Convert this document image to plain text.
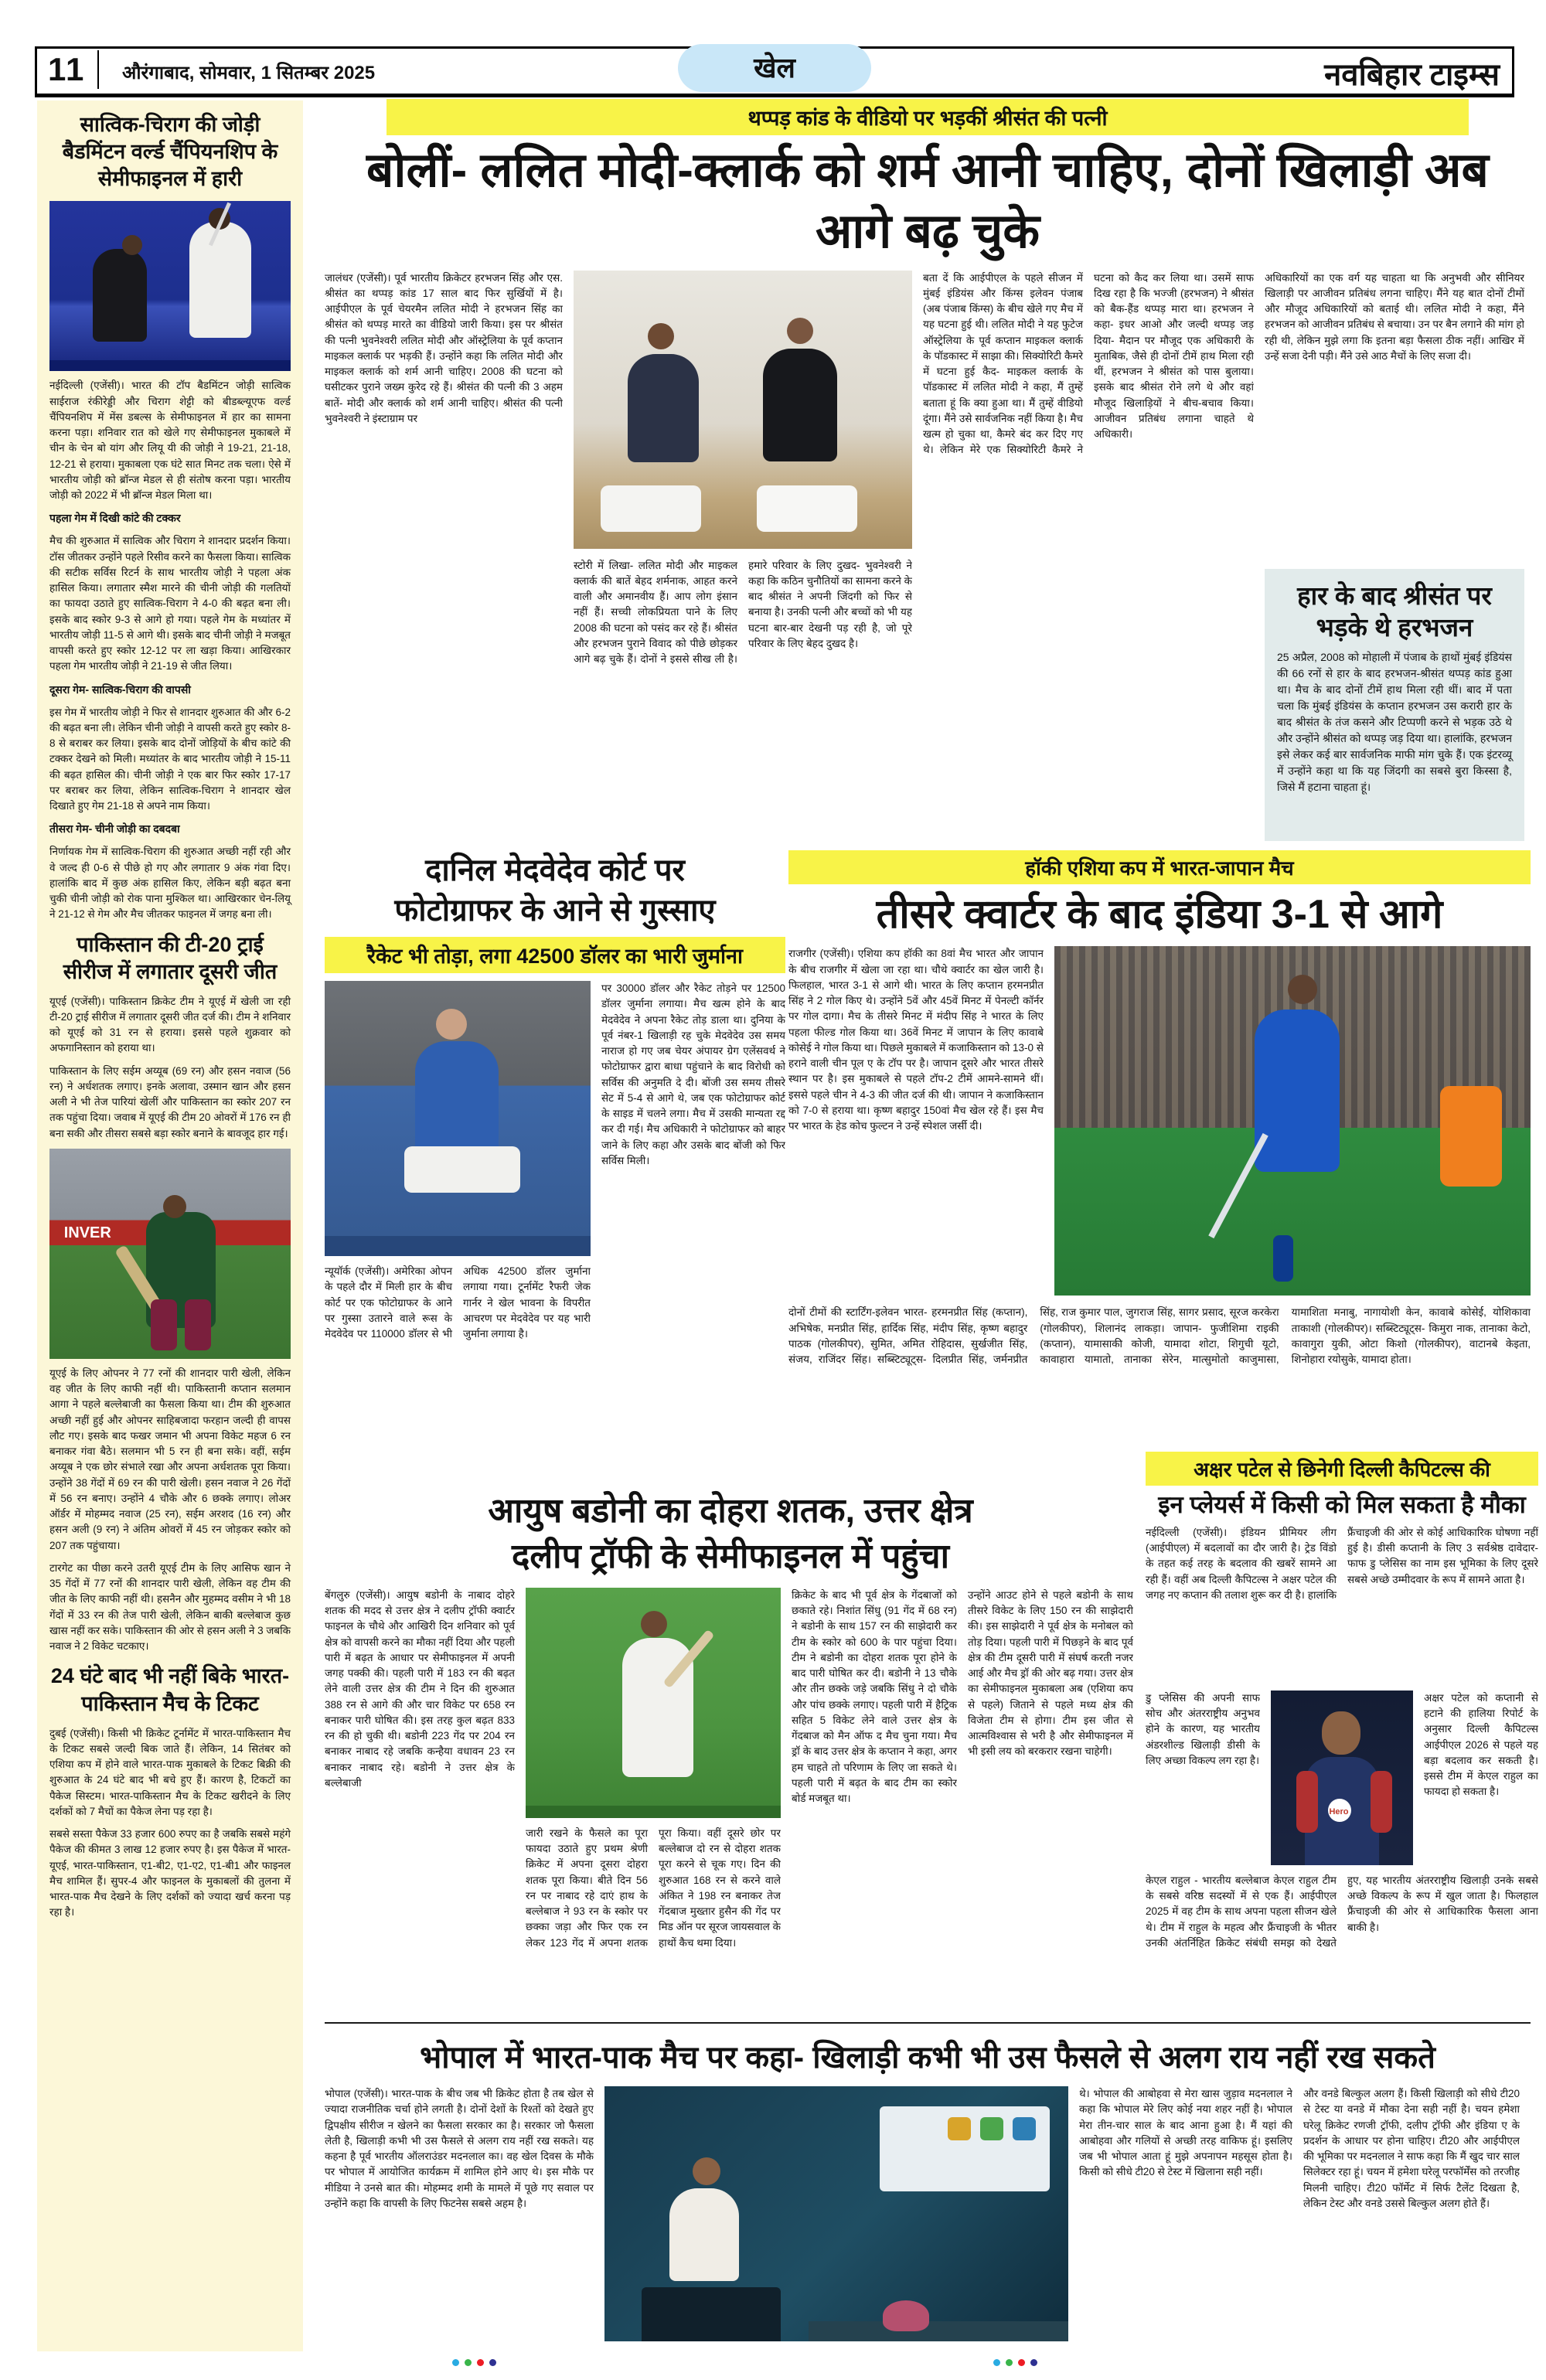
11	औरंगाबाद, सोमवार, 1 सितम्बर 2025	खेल	नवबिहार टाइम्स
सात्विक-चिराग की जोड़ी बैडमिंटन वर्ल्ड चैंपियनशिप के सेमीफाइनल में हारी
नईदिल्ली (एजेंसी)। भारत की टॉप बैडमिंटन जोड़ी सात्विक साईराज रंकीरेड्डी और चिराग शेट्टी को बीडब्ल्यूएफ वर्ल्ड चैंपियनशिप में मेंस डबल्स के सेमीफाइनल में हार का सामना करना पड़ा। शनिवार रात को खेले गए सेमीफाइनल मुकाबले में चीन के चेन बो यांग और लियू यी की जोड़ी ने 19-21, 21-18, 12-21 से हराया। मुकाबला एक घंटे सात मिनट तक चला। ऐसे में भारतीय जोड़ी को ब्रॉन्ज मेडल से ही संतोष करना पड़ा। भारतीय जोड़ी को 2022 में भी ब्रॉन्ज मेडल मिला था।
पहला गेम में दिखी कांटे की टक्कर
मैच की शुरुआत में सात्विक और चिराग ने शानदार प्रदर्शन किया। टॉस जीतकर उन्होंने पहले रिसीव करने का फैसला किया। सात्विक की सटीक सर्विस रिटर्न के साथ भारतीय जोड़ी ने पहला अंक हासिल किया। लगातार स्मैश मारने की चीनी जोड़ी की गलतियों का फायदा उठाते हुए सात्विक-चिराग ने 4-0 की बढ़त बना ली। इसके बाद स्कोर 9-3 से आगे हो गया। पहले गेम के मध्यांतर में भारतीय जोड़ी 11-5 से आगे थी। इसके बाद चीनी जोड़ी ने मजबूत वापसी करते हुए स्कोर 12-12 पर ला खड़ा किया। आखिरकार पहला गेम भारतीय जोड़ी ने 21-19 से जीत लिया।
दूसरा गेम- सात्विक-चिराग की वापसी
इस गेम में भारतीय जोड़ी ने फिर से शानदार शुरुआत की और 6-2 की बढ़त बना ली। लेकिन चीनी जोड़ी ने वापसी करते हुए स्कोर 8-8 से बराबर कर लिया। इसके बाद दोनों जोड़ियों के बीच कांटे की टक्कर देखने को मिली। मध्यांतर के बाद भारतीय जोड़ी ने 15-11 की बढ़त हासिल की। चीनी जोड़ी ने एक बार फिर स्कोर 17-17 पर बराबर कर लिया, लेकिन सात्विक-चिराग ने शानदार खेल दिखाते हुए गेम 21-18 से अपने नाम किया।
तीसरा गेम- चीनी जोड़ी का दबदबा
निर्णायक गेम में सात्विक-चिराग की शुरुआत अच्छी नहीं रही और वे जल्द ही 0-6 से पीछे हो गए और लगातार 9 अंक गंवा दिए। हालांकि बाद में कुछ अंक हासिल किए, लेकिन बड़ी बढ़त बना चुकी चीनी जोड़ी को रोक पाना मुश्किल था। आखिरकार चेन-लियू ने 21-12 से गेम और मैच जीतकर फाइनल में जगह बना ली।
पाकिस्तान की टी-20 ट्राई सीरीज में लगातार दूसरी जीत
यूएई (एजेंसी)। पाकिस्तान क्रिकेट टीम ने यूएई में खेली जा रही टी-20 ट्राई सीरीज में लगातार दूसरी जीत दर्ज की। टीम ने शनिवार को यूएई को 31 रन से हराया। इससे पहले शुक्रवार को अफगानिस्तान को हराया था।
पाकिस्तान के लिए सईम अय्यूब (69 रन) और हसन नवाज (56 रन) ने अर्धशतक लगाए। इनके अलावा, उस्मान खान और हसन अली ने भी तेज पारियां खेलीं और पाकिस्तान का स्कोर 207 रन तक पहुंचा दिया। जवाब में यूएई की टीम 20 ओवरों में 176 रन ही बना सकी और तीसरा सबसे बड़ा स्कोर बनाने के बावजूद हार गई।
INVER
यूएई के लिए ओपनर ने 77 रनों की शानदार पारी खेली, लेकिन वह जीत के लिए काफी नहीं थी। पाकिस्तानी कप्तान सलमान आगा ने पहले बल्लेबाजी का फैसला किया था। टीम की शुरुआत अच्छी नहीं हुई और ओपनर साहिबजादा फरहान जल्दी ही वापस लौट गए। इसके बाद फखर जमान भी अपना विकेट महज 6 रन बनाकर गंवा बैठे। सलमान भी 5 रन ही बना सके। वहीं, सईम अय्यूब ने एक छोर संभाले रखा और अपना अर्धशतक पूरा किया। उन्होंने 38 गेंदों में 69 रन की पारी खेली। हसन नवाज ने 26 गेंदों में 56 रन बनाए। उन्होंने 4 चौके और 6 छक्के लगाए। लोअर ऑर्डर में मोहम्मद नवाज (25 रन), सईम अरशद (16 रन) और हसन अली (9 रन) ने अंतिम ओवरों में 45 रन जोड़कर स्कोर को 207 तक पहुंचाया।
टारगेट का पीछा करने उतरी यूएई टीम के लिए आसिफ खान ने 35 गेंदों में 77 रनों की शानदार पारी खेली, लेकिन वह टीम की जीत के लिए काफी नहीं थी। हसनैन और मुहम्मद वसीम ने भी 18 गेंदों में 33 रन की तेज पारी खेली, लेकिन बाकी बल्लेबाज कुछ खास नहीं कर सके। पाकिस्तान की ओर से हसन अली ने 3 जबकि नवाज ने 2 विकेट चटकाए।
24 घंटे बाद भी नहीं बिके भारत-पाकिस्तान मैच के टिकट
दुबई (एजेंसी)। किसी भी क्रिकेट टूर्नामेंट में भारत-पाकिस्तान मैच के टिकट सबसे जल्दी बिक जाते हैं। लेकिन, 14 सितंबर को एशिया कप में होने वाले भारत-पाक मुकाबले के टिकट बिक्री की शुरुआत के 24 घंटे बाद भी बचे हुए हैं। कारण है, टिकटों का पैकेज सिस्टम। भारत-पाकिस्तान मैच के टिकट खरीदने के लिए दर्शकों को 7 मैचों का पैकेज लेना पड़ रहा है।
सबसे सस्ता पैकेज 33 हजार 600 रुपए का है जबकि सबसे महंगे पैकेज की कीमत 3 लाख 12 हजार रुपए है। इस पैकेज में भारत-यूएई, भारत-पाकिस्तान, ए1-बी2, ए1-ए2, ए1-बी1 और फाइनल मैच शामिल हैं। सुपर-4 और फाइनल के मुकाबलों की तुलना में भारत-पाक मैच देखने के लिए दर्शकों को ज्यादा खर्च करना पड़ रहा है।
थप्पड़ कांड के वीडियो पर भड़कीं श्रीसंत की पत्नी
बोलीं- ललित मोदी-क्लार्क को शर्म आनी चाहिए, दोनों खिलाड़ी अब आगे बढ़ चुके
जालंधर (एजेंसी)। पूर्व भारतीय क्रिकेटर हरभजन सिंह और एस. श्रीसंत का थप्पड़ कांड 17 साल बाद फिर सुर्खियों में है। आईपीएल के पूर्व चेयरमैन ललित मोदी ने हरभजन सिंह का श्रीसंत को थप्पड़ मारते का वीडियो जारी किया। इस पर श्रीसंत की पत्नी भुवनेश्वरी ललित मोदी और ऑस्ट्रेलिया के पूर्व कप्तान माइकल क्लार्क पर भड़की हैं। उन्होंने कहा कि ललित मोदी और माइकल क्लार्क को शर्म आनी चाहिए। 2008 की घटना को घसीटकर पुराने जख्म कुरेद रहे हैं। श्रीसंत की पत्नी की 3 अहम बातें- मोदी और क्लार्क को शर्म आनी चाहिए। श्रीसंत की पत्नी भुवनेश्वरी ने इंस्टाग्राम पर
स्टोरी में लिखा- ललित मोदी और माइकल क्लार्क की बातें बेहद शर्मनाक, आहत करने वाली और अमानवीय हैं। आप लोग इंसान नहीं हैं। सच्ची लोकप्रियता पाने के लिए 2008 की घटना को पसंद कर रहे हैं। श्रीसंत और हरभजन पुराने विवाद को पीछे छोड़कर आगे बढ़ चुके हैं। दोनों ने इससे सीख ली है। हमारे परिवार के लिए दुखद- भुवनेश्वरी ने कहा कि कठिन चुनौतियों का सामना करने के बाद श्रीसंत ने अपनी जिंदगी को फिर से बनाया है। उनकी पत्नी और बच्चों को भी यह घटना बार-बार देखनी पड़ रही है, जो पूरे परिवार के लिए बेहद दुखद है।
बता दें कि आईपीएल के पहले सीजन में मुंबई इंडियंस और किंग्स इलेवन पंजाब (अब पंजाब किंग्स) के बीच खेले गए मैच में यह घटना हुई थी। ललित मोदी ने यह फुटेज ऑस्ट्रेलिया के पूर्व कप्तान माइकल क्लार्क के पॉडकास्ट में साझा की। सिक्योरिटी कैमरे में घटना हुई कैद- माइकल क्लार्क के पॉडकास्ट में ललित मोदी ने कहा, मैं तुम्हें बताता हूं कि क्या हुआ था। मैं तुम्हें वीडियो दूंगा। मैंने उसे सार्वजनिक नहीं किया है। मैच खत्म हो चुका था, कैमरे बंद कर दिए गए थे। लेकिन मेरे एक सिक्योरिटी कैमरे ने घटना को कैद कर लिया था। उसमें साफ दिख रहा है कि भज्जी (हरभजन) ने श्रीसंत को बैक-हैंड थप्पड़ मारा था। हरभजन ने कहा- इधर आओ और जल्दी थप्पड़ जड़ दिया- मैदान पर मौजूद एक अधिकारी के मुताबिक, जैसे ही दोनों टीमें हाथ मिला रही थीं, हरभजन ने श्रीसंत को पास बुलाया। इसके बाद श्रीसंत रोने लगे थे और वहां मौजूद खिलाड़ियों ने बीच-बचाव किया। आजीवन प्रतिबंध लगाना चाहते थे अधिकारी।
अधिकारियों का एक वर्ग यह चाहता था कि अनुभवी और सीनियर खिलाड़ी पर आजीवन प्रतिबंध लगना चाहिए। मैंने यह बात दोनों टीमों और मौजूद अधिकारियों को बताई थी। ललित मोदी ने कहा, मैंने हरभजन को आजीवन प्रतिबंध से बचाया। उन पर बैन लगाने की मांग हो रही थी, लेकिन मुझे लगा कि इतना बड़ा फैसला ठीक नहीं। आखिर में उन्हें सजा देनी पड़ी। मैंने उसे आठ मैचों के लिए सजा दी।
हार के बाद श्रीसंत पर भड़के थे हरभजन
25 अप्रैल, 2008 को मोहाली में पंजाब के हाथों मुंबई इंडियंस की 66 रनों से हार के बाद हरभजन-श्रीसंत थप्पड़ कांड हुआ था। मैच के बाद दोनों टीमें हाथ मिला रही थीं। बाद में पता चला कि मुंबई इंडियंस के कप्तान हरभजन उस करारी हार के बाद श्रीसंत के तंज कसने और टिप्पणी करने से भड़क उठे थे और उन्होंने श्रीसंत को थप्पड़ जड़ दिया था। हालांकि, हरभजन इसे लेकर कई बार सार्वजनिक माफी मांग चुके हैं। एक इंटरव्यू में उन्होंने कहा था कि यह जिंदगी का सबसे बुरा किस्सा है, जिसे मैं हटाना चाहता हूं।
दानिल मेदवेदेव कोर्ट पर
फोटोग्राफर के आने से गुस्साए
रैकेट भी तोड़ा, लगा 42500 डॉलर का भारी जुर्माना
न्यूयॉर्क (एजेंसी)। अमेरिका ओपन के पहले दौर में मिली हार के बीच कोर्ट पर एक फोटोग्राफर के आने पर गुस्सा उतारने वाले रूस के मेदवेदेव पर 110000 डॉलर से भी अधिक 42500 डॉलर जुर्माना लगाया गया। टूर्नामेंट रैफरी जेक गार्नर ने खेल भावना के विपरीत आचरण पर मेदवेदेव पर यह भारी जुर्माना लगाया है।
पर 30000 डॉलर और रैकेट तोड़ने पर 12500 डॉलर जुर्माना लगाया। मैच खत्म होने के बाद मेदवेदेव ने अपना रैकेट तोड़ डाला था। दुनिया के पूर्व नंबर-1 खिलाड़ी रह चुके मेदवेदेव उस समय नाराज हो गए जब चेयर अंपायर ग्रेग एलेंसवर्थ ने फोटोग्राफर द्वारा बाधा पहुंचाने के बाद विरोधी को सर्विस की अनुमति दे दी। बोंजी उस समय तीसरे सेट में 5-4 से आगे थे, जब एक फोटोग्राफर कोर्ट के साइड में चलने लगा। मैच में उसकी मान्यता रद्द कर दी गई। मैच अधिकारी ने फोटोग्राफर को बाहर जाने के लिए कहा और उसके बाद बोंजी को फिर सर्विस मिली।
हॉकी एशिया कप में भारत-जापान मैच
तीसरे क्वार्टर के बाद इंडिया 3-1 से आगे
राजगीर (एजेंसी)। एशिया कप हॉकी का 8वां मैच भारत और जापान के बीच राजगीर में खेला जा रहा था। चौथे क्वार्टर का खेल जारी है। फिलहाल, भारत 3-1 से आगे थी। भारत के लिए कप्तान हरमनप्रीत सिंह ने 2 गोल किए थे। उन्होंने 5वें और 45वें मिनट में पेनल्टी कॉर्नर पर गोल दागा। मैच के तीसरे मिनट में मंदीप सिंह ने भारत के लिए पहला फील्ड गोल किया था। 36वें मिनट में जापान के लिए कावाबे कोसेई ने गोल किया था। पिछले मुकाबले में कजाकिस्तान को 13-0 से हराने वाली चीन पूल ए के टॉप पर है। जापान दूसरे और भारत तीसरे स्थान पर है। इस मुकाबले से पहले टॉप-2 टीमें आमने-सामने थीं। इससे पहले चीन ने 4-3 की जीत दर्ज की थी। जापान ने कजाकिस्तान को 7-0 से हराया था। कृष्ण बहादुर 150वां मैच खेल रहे हैं। इस मैच पर भारत के हेड कोच फुल्टन ने उन्हें स्पेशल जर्सी दी।
दोनों टीमों की स्टार्टिंग-इलेवन भारत- हरमनप्रीत सिंह (कप्तान), अभिषेक, मनप्रीत सिंह, हार्दिक सिंह, मंदीप सिंह, कृष्ण बहादुर पाठक (गोलकीपर), सुमित, अमित रोहिदास, सुर्खजीत सिंह, संजय, राजिंदर सिंह। सब्स्टिट्यूट्स- दिलप्रीत सिंह, जर्मनप्रीत सिंह, राज कुमार पाल, जुगराज सिंह, सागर प्रसाद, सूरज करकेरा (गोलकीपर), शिलानंद लाकड़ा। जापान- फुजीशिमा राइकी (कप्तान), यामासाकी कोजी, यामादा शोटा, शिगुची यूटो, कावाहारा यामातो, तानाका सेरेन, मात्सुमोतो काजुमासा, यामाशिता मनाबु, नागायोशी केन, कावाबे कोसेई, योशिकावा ताकाशी (गोलकीपर)। सब्स्टिट्यूट्स- किमुरा नाक, तानाका केटो, कावागुरा युकी, ओटा किशो (गोलकीपर), वाटानबे केइता, शिनोहारा रयोसुके, यामादा होता।
आयुष बडोनी का दोहरा शतक, उत्तर क्षेत्र
दलीप ट्रॉफी के सेमीफाइनल में पहुंचा
बेंगलुरु (एजेंसी)। आयुष बडोनी के नाबाद दोहरे शतक की मदद से उत्तर क्षेत्र ने दलीप ट्रॉफी क्वार्टर फाइनल के चौथे और आखिरी दिन शनिवार को पूर्व क्षेत्र को वापसी करने का मौका नहीं दिया और पहली पारी में बढ़त के आधार पर सेमीफाइनल में अपनी जगह पक्की की। पहली पारी में 183 रन की बढ़त लेने वाली उत्तर क्षेत्र की टीम ने दिन की शुरुआत 388 रन से आगे की और चार विकेट पर 658 रन बनाकर पारी घोषित की। इस तरह कुल बढ़त 833 रन की हो चुकी थी। बडोनी 223 गेंद पर 204 रन बनाकर नाबाद रहे जबकि कन्हैया वधावन 23 रन बनाकर नाबाद रहे। बडोनी ने उत्तर क्षेत्र के बल्लेबाजी
जारी रखने के फैसले का पूरा फायदा उठाते हुए प्रथम श्रेणी क्रिकेट में अपना दूसरा दोहरा शतक पूरा किया। बीते दिन 56 रन पर नाबाद रहे दाएं हाथ के बल्लेबाज ने 93 रन के स्कोर पर छक्का जड़ा और फिर एक रन लेकर 123 गेंद में अपना शतक पूरा किया। वहीं दूसरे छोर पर बल्लेबाज दो रन से दोहरा शतक पूरा करने से चूक गए। दिन की शुरुआत 168 रन से करने वाले अंकित ने 198 रन बनाकर तेज गेंदबाज मुख्तार हुसैन की गेंद पर मिड ऑन पर सूरज जायसवाल के हाथों कैच थमा दिया।
क्रिकेट के बाद भी पूर्व क्षेत्र के गेंदबाजों को छकाते रहे। निशांत सिंधु (91 गेंद में 68 रन) ने बडोनी के साथ 157 रन की साझेदारी कर टीम के स्कोर को 600 के पार पहुंचा दिया। टीम ने बडोनी का दोहरा शतक पूरा होने के बाद पारी घोषित कर दी। बडोनी ने 13 चौके और तीन छक्के जड़े जबकि सिंधु ने दो चौके और पांच छक्के लगाए। पहली पारी में हैट्रिक सहित 5 विकेट लेने वाले उत्तर क्षेत्र के गेंदबाज को मैन ऑफ द मैच चुना गया। मैच ड्रॉ के बाद उत्तर क्षेत्र के कप्तान ने कहा, अगर हम चाहते तो परिणाम के लिए जा सकते थे। पहली पारी में बढ़त के बाद टीम का स्कोर बोर्ड मजबूत था।
उन्होंने आउट होने से पहले बडोनी के साथ तीसरे विकेट के लिए 150 रन की साझेदारी की। इस साझेदारी ने पूर्व क्षेत्र के मनोबल को तोड़ दिया। पहली पारी में पिछड़ने के बाद पूर्व क्षेत्र की टीम दूसरी पारी में संघर्ष करती नजर आई और मैच ड्रॉ की ओर बढ़ गया। उत्तर क्षेत्र का सेमीफाइनल मुकाबला अब (एशिया कप से पहले) जिताने से पहले मध्य क्षेत्र की विजेता टीम से होगा। टीम इस जीत से आत्मविश्वास से भरी है और सेमीफाइनल में भी इसी लय को बरकरार रखना चाहेगी।
अक्षर पटेल से छिनेगी दिल्ली कैपिटल्स की
इन प्लेयर्स में किसी को मिल सकता है मौका
नईदिल्ली (एजेंसी)। इंडियन प्रीमियर लीग (आईपीएल) में बदलावों का दौर जारी है। ट्रेड विंडो के तहत कई तरह के बदलाव की खबरें सामने आ रही हैं। वहीं अब दिल्ली कैपिटल्स ने अक्षर पटेल की जगह नए कप्तान की तलाश शुरू कर दी है। हालांकि फ्रैंचाइजी की ओर से कोई आधिकारिक घोषणा नहीं हुई है। डीसी कप्तानी के लिए 3 सर्वश्रेष्ठ दावेदार- फाफ डु प्लेसिस का नाम इस भूमिका के लिए दूसरे सबसे अच्छे उम्मीदवार के रूप में सामने आता है।
डु प्लेसिस की अपनी साफ सोच और अंतरराष्ट्रीय अनुभव होने के कारण, यह भारतीय अंडरशील्ड खिलाड़ी डीसी के लिए अच्छा विकल्प लग रहा है।
Hero
अक्षर पटेल को कप्तानी से हटाने की हालिया रिपोर्ट के अनुसार दिल्ली कैपिटल्स आईपीएल 2026 से पहले यह बड़ा बदलाव कर सकती है। इससे टीम में केएल राहुल का फायदा हो सकता है।
केएल राहुल - भारतीय बल्लेबाज केएल राहुल टीम के सबसे वरिष्ठ सदस्यों में से एक हैं। आईपीएल 2025 में वह टीम के साथ अपना पहला सीजन खेले थे। टीम में राहुल के महत्व और फ्रैंचाइजी के भीतर उनकी अंतर्निहित क्रिकेट संबंधी समझ को देखते हुए, यह भारतीय अंतरराष्ट्रीय खिलाड़ी उनके सबसे अच्छे विकल्प के रूप में खुल जाता है। फिलहाल फ्रैंचाइजी की ओर से आधिकारिक फैसला आना बाकी है।
भोपाल में भारत-पाक मैच पर कहा- खिलाड़ी कभी भी उस फैसले से अलग राय नहीं रख सकते
भोपाल (एजेंसी)। भारत-पाक के बीच जब भी क्रिकेट होता है तब खेल से ज्यादा राजनीतिक चर्चा होने लगती है। दोनों देशों के रिश्तों को देखते हुए द्विपक्षीय सीरीज न खेलने का फैसला सरकार का है। सरकार जो फैसला लेती है, खिलाड़ी कभी भी उस फैसले से अलग राय नहीं रख सकते। यह कहना है पूर्व भारतीय ऑलराउंडर मदनलाल का। वह खेल दिवस के मौके पर भोपाल में आयोजित कार्यक्रम में शामिल होने आए थे। इस मौके पर मीडिया ने उनसे बात की। मोहम्मद शमी के मामले में पूछे गए सवाल पर उन्होंने कहा कि वापसी के लिए फिटनेस सबसे अहम है।
थे। भोपाल की आबोहवा से मेरा खास जुड़ाव मदनलाल ने कहा कि भोपाल मेरे लिए कोई नया शहर नहीं है। भोपाल मेरा तीन-चार साल के बाद आना हुआ है। मैं यहां की आबोहवा और गलियों से अच्छी तरह वाकिफ हूं। इसलिए जब भी भोपाल आता हूं मुझे अपनापन महसूस होता है। किसी को सीधे टी20 से टेस्ट में खिलाना सही नहीं।
और वनडे बिल्कुल अलग हैं। किसी खिलाड़ी को सीधे टी20 से टेस्ट या वनडे में मौका देना सही नहीं है। चयन हमेशा घरेलू क्रिकेट रणजी ट्रॉफी, दलीप ट्रॉफी और इंडिया ए के प्रदर्शन के आधार पर होना चाहिए। टी20 और आईपीएल की भूमिका पर मदनलाल ने साफ कहा कि मैं खुद चार साल सिलेक्टर रहा हूं। चयन में हमेशा घरेलू परफॉर्मेंस को तरजीह मिलनी चाहिए। टी20 फॉर्मेट में सिर्फ टैलेंट दिखता है, लेकिन टेस्ट और वनडे उससे बिल्कुल अलग होते हैं।
